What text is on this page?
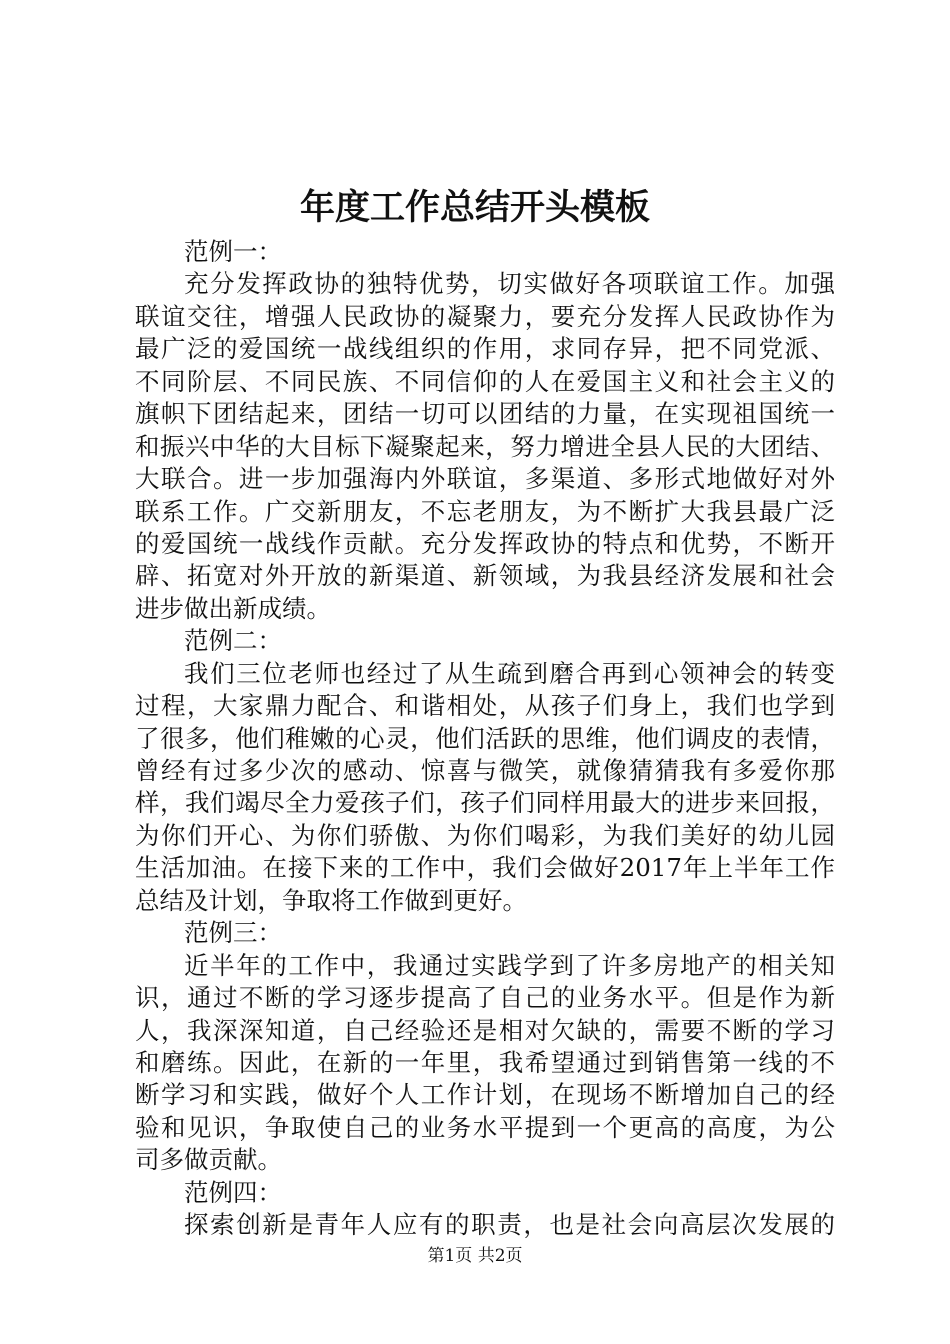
年度工作总结开头模板
范例一：
充分发挥政协的独特优势，切实做好各项联谊工作。加强
联谊交往，增强人民政协的凝聚力，要充分发挥人民政协作为
最广泛的爱国统一战线组织的作用，求同存异，把不同党派、
不同阶层、不同民族、不同信仰的人在爱国主义和社会主义的
旗帜下团结起来，团结一切可以团结的力量，在实现祖国统一
和振兴中华的大目标下凝聚起来，努力增进全县人民的大团结、
大联合。进一步加强海内外联谊，多渠道、多形式地做好对外
联系工作。广交新朋友，不忘老朋友，为不断扩大我县最广泛
的爱国统一战线作贡献。充分发挥政协的特点和优势，不断开
辟、拓宽对外开放的新渠道、新领域，为我县经济发展和社会
进步做出新成绩。
范例二：
我们三位老师也经过了从生疏到磨合再到心领神会的转变
过程，大家鼎力配合、和谐相处，从孩子们身上，我们也学到
了很多，他们稚嫩的心灵，他们活跃的思维，他们调皮的表情，
曾经有过多少次的感动、惊喜与微笑，就像猜猜我有多爱你那
样，我们竭尽全力爱孩子们，孩子们同样用最大的进步来回报，
为你们开心、为你们骄傲、为你们喝彩，为我们美好的幼儿园
生活加油。在接下来的工作中，我们会做好2017年上半年工作
总结及计划，争取将工作做到更好。
范例三：
近半年的工作中，我通过实践学到了许多房地产的相关知
识，通过不断的学习逐步提高了自己的业务水平。但是作为新
人，我深深知道，自己经验还是相对欠缺的，需要不断的学习
和磨练。因此，在新的一年里，我希望通过到销售第一线的不
断学习和实践，做好个人工作计划，在现场不断增加自己的经
验和见识，争取使自己的业务水平提到一个更高的高度，为公
司多做贡献。
范例四：
探索创新是青年人应有的职责，也是社会向高层次发展的
第1页 共2页
